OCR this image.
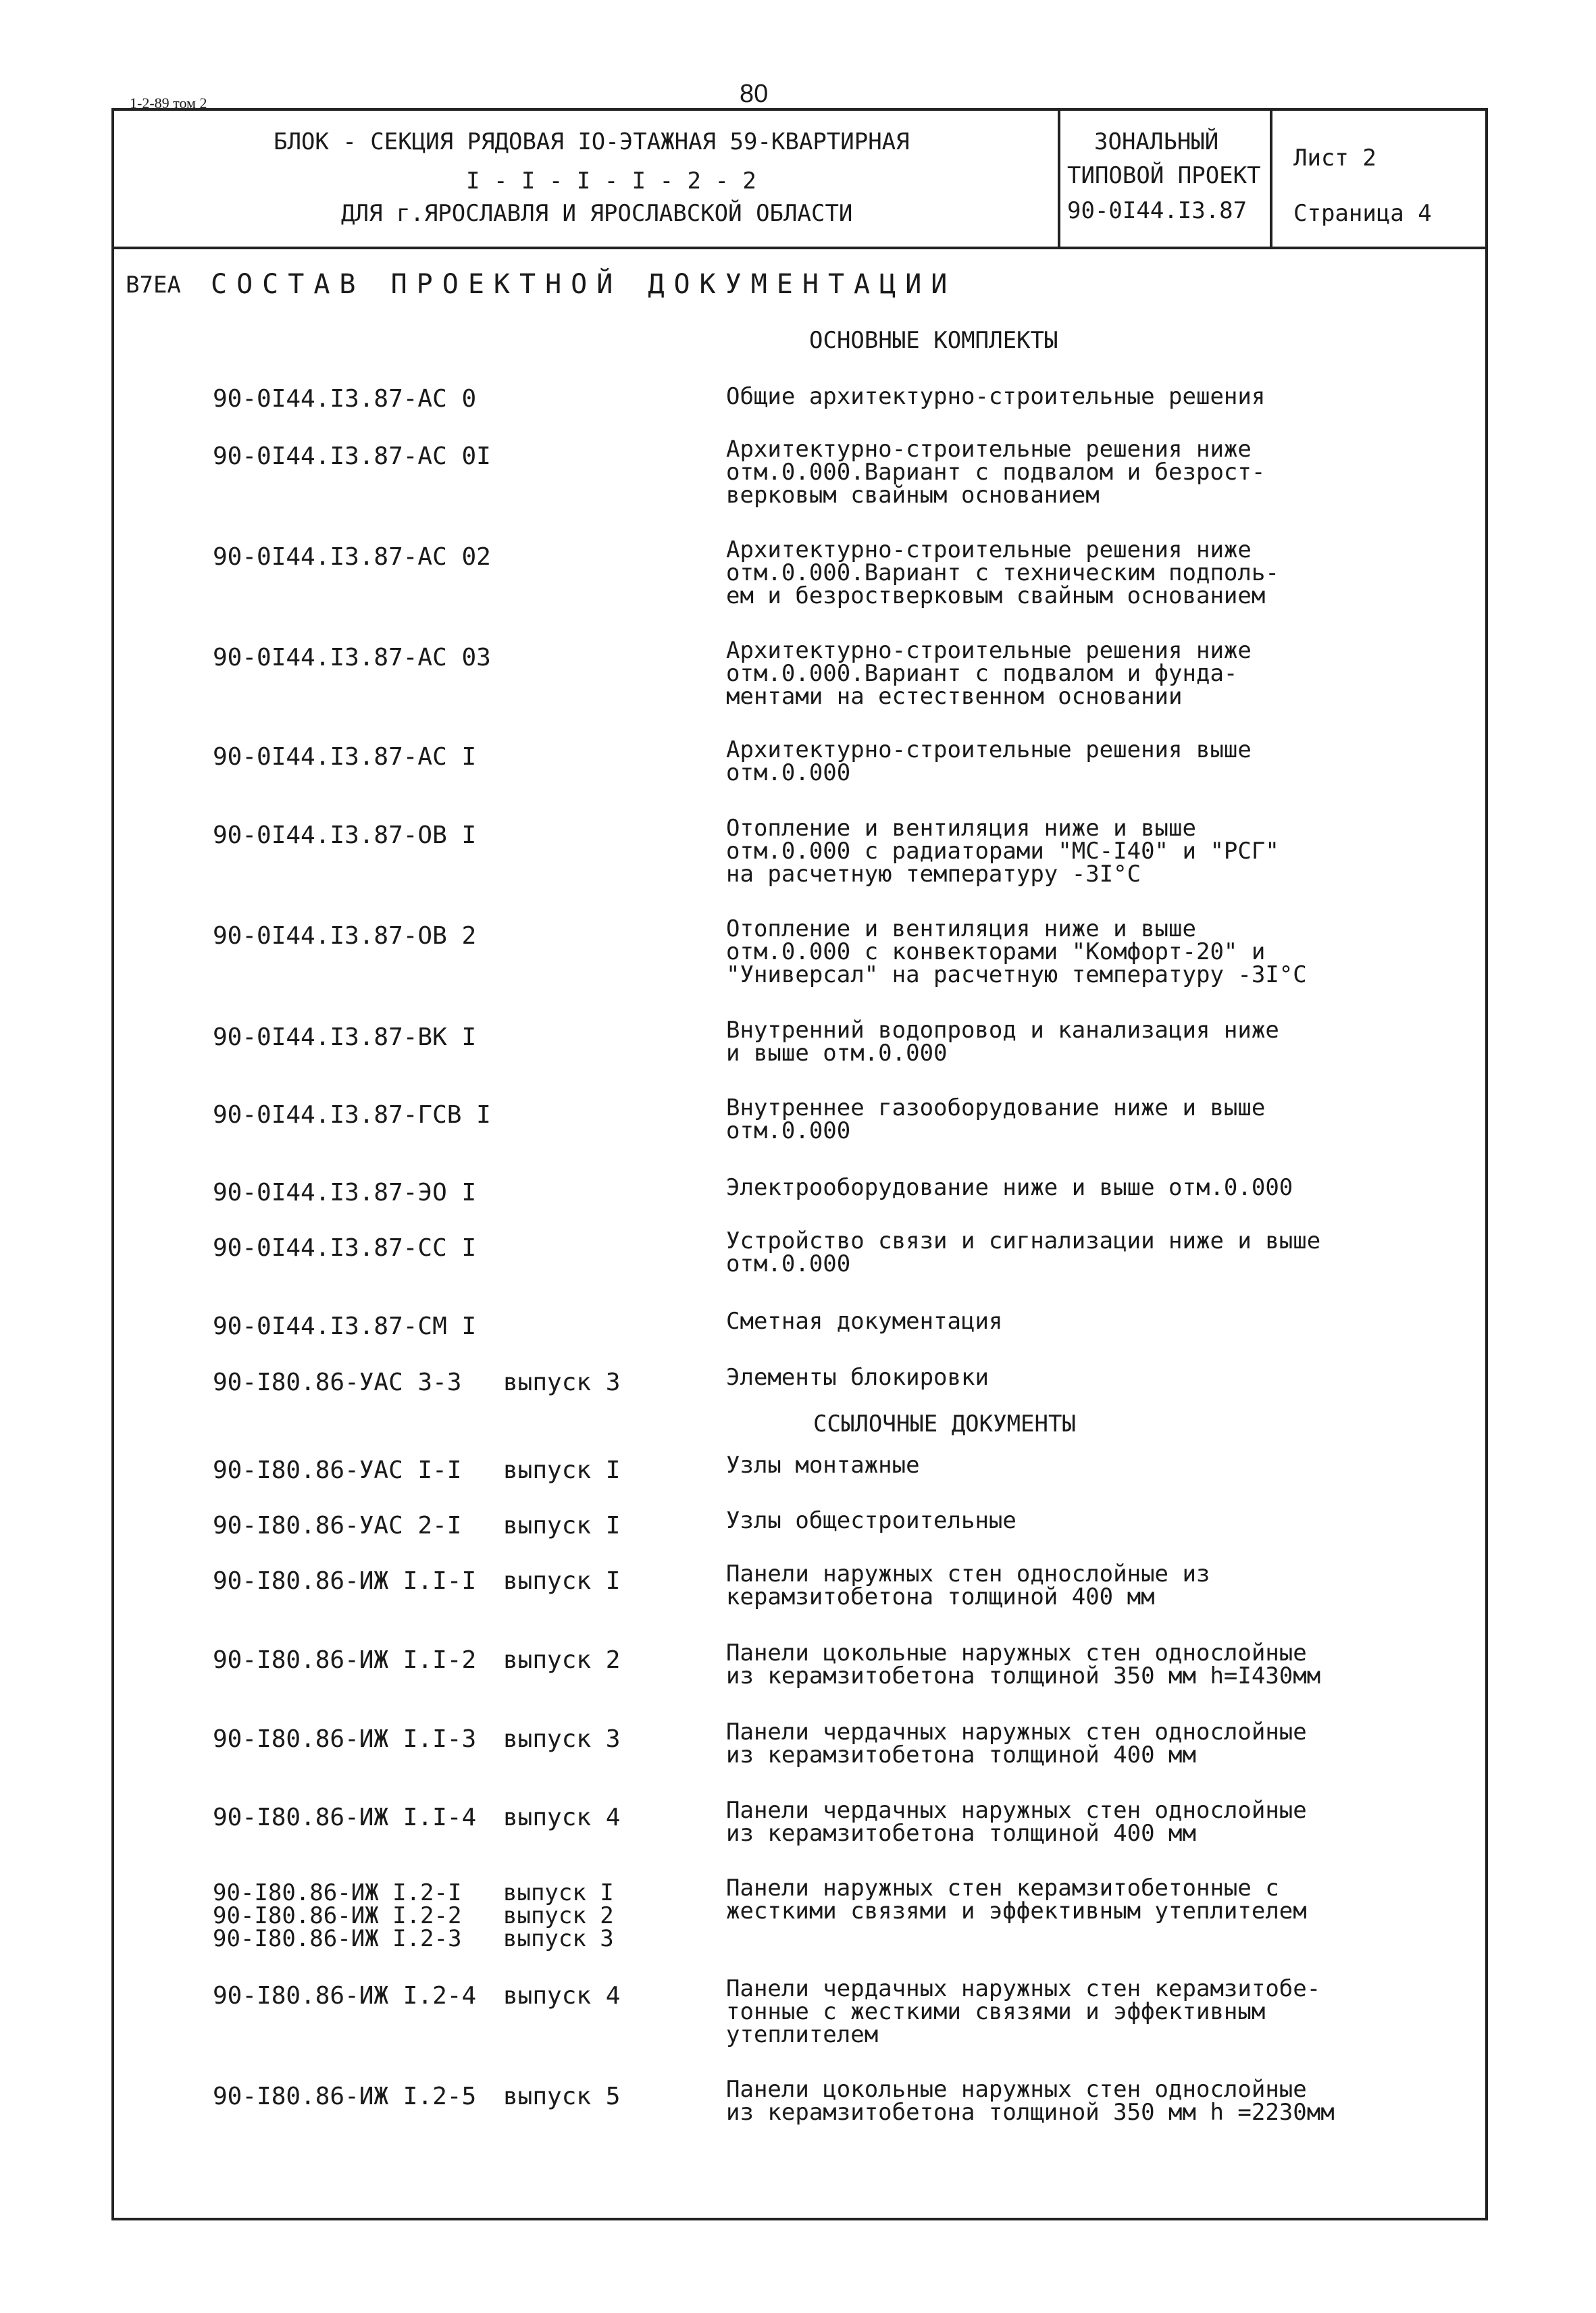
1-2-89 том 2	80
БЛОК - СЕКЦИЯ РЯДОВАЯ IO-ЭТАЖНАЯ 59-КВАРТИРНАЯ
I - I - I - I - 2 - 2
ДЛЯ г.ЯРОСЛАВЛЯ И ЯРОСЛАВСКОЙ ОБЛАСТИ
ЗОНАЛЬНЫЙ
ТИПОВОЙ ПРОЕКТ
90-0I44.I3.87
Лист 2
Страница 4
В7ЕА СОСТАВ ПРОЕКТНОЙ ДОКУМЕНТАЦИИ
ОСНОВНЫЕ КОМПЛЕКТЫ
90-0I44.I3.87-АС 0
90-0I44.I3.87-АС 0I
90-0I44.I3.87-АС 02
90-0I44.I3.87-АС 03
90-0I44.I3.87-АС I
90-0I44.I3.87-ОВ I
90-0I44.I3.87-ОВ 2
90-0I44.I3.87-ВК I
90-0I44.I3.87-ГСВ I
90-0I44.I3.87-ЭО I
90-0I44.I3.87-СС I
90-0I44.I3.87-СМ I
90-I80.86-УАС 3-3 выпуск 3
Общие архитектурно-строительные решения
Архитектурно-строительные решения ниже
отм.0.000.Вариант с подвалом и безрост-
верковым свайным основанием
Архитектурно-строительные решения ниже
отм.0.000.Вариант с техническим подполь-
ем и безростверковым свайным основанием
Архитектурно-строительные решения ниже
отм.0.000.Вариант с подвалом и фунда-
ментами на естественном основании
Архитектурно-строительные решения выше
отм.0.000
Отопление и вентиляция ниже и выше
отм.0.000 с радиаторами "МС-I40" и "РСГ"
на расчетную температуру -3I°С
Отопление и вентиляция ниже и выше
отм.0.000 с конвекторами "Комфорт-20" и
"Универсал" на расчетную температуру -3I°С
Внутренний водопровод и канализация ниже
и выше отм.0.000
Внутреннее газооборудование ниже и выше
отм.0.000
Электрооборудование ниже и выше отм.0.000
Устройство связи и сигнализации ниже и выше
отм.0.000
Сметная документация
Элементы блокировки
ССЫЛОЧНЫЕ ДОКУМЕНТЫ
90-I80.86-УАС I-I выпуск I
90-I80.86-УАС 2-I выпуск I
90-I80.86-ИЖ I.I-I выпуск I
90-I80.86-ИЖ I.I-2 выпуск 2
90-I80.86-ИЖ I.I-3 выпуск 3
90-I80.86-ИЖ I.I-4 выпуск 4
90-I80.86-ИЖ I.2-I
90-I80.86-ИЖ I.2-2
90-I80.86-ИЖ I.2-3
выпуск I
выпуск 2
выпуск 3
90-I80.86-ИЖ I.2-4 выпуск 4
90-I80.86-ИЖ I.2-5 выпуск 5
Узлы монтажные
Узлы общестроительные
Панели наружных стен однослойные из
керамзитобетона толщиной 400 мм
Панели цокольные наружных стен однослойные
из керамзитобетона толщиной 350 мм h=I430мм
Панели чердачных наружных стен однослойные
из керамзитобетона толщиной 400 мм
Панели чердачных наружных стен однослойные
из керамзитобетона толщиной 400 мм
Панели наружных стен керамзитобетонные с
жесткими связями и эффективным утеплителем
Панели чердачных наружных стен керамзитобе-
тонные с жесткими связями и эффективным
утеплителем
Панели цокольные наружных стен однослойные
из керамзитобетона толщиной 350 мм h =2230мм
